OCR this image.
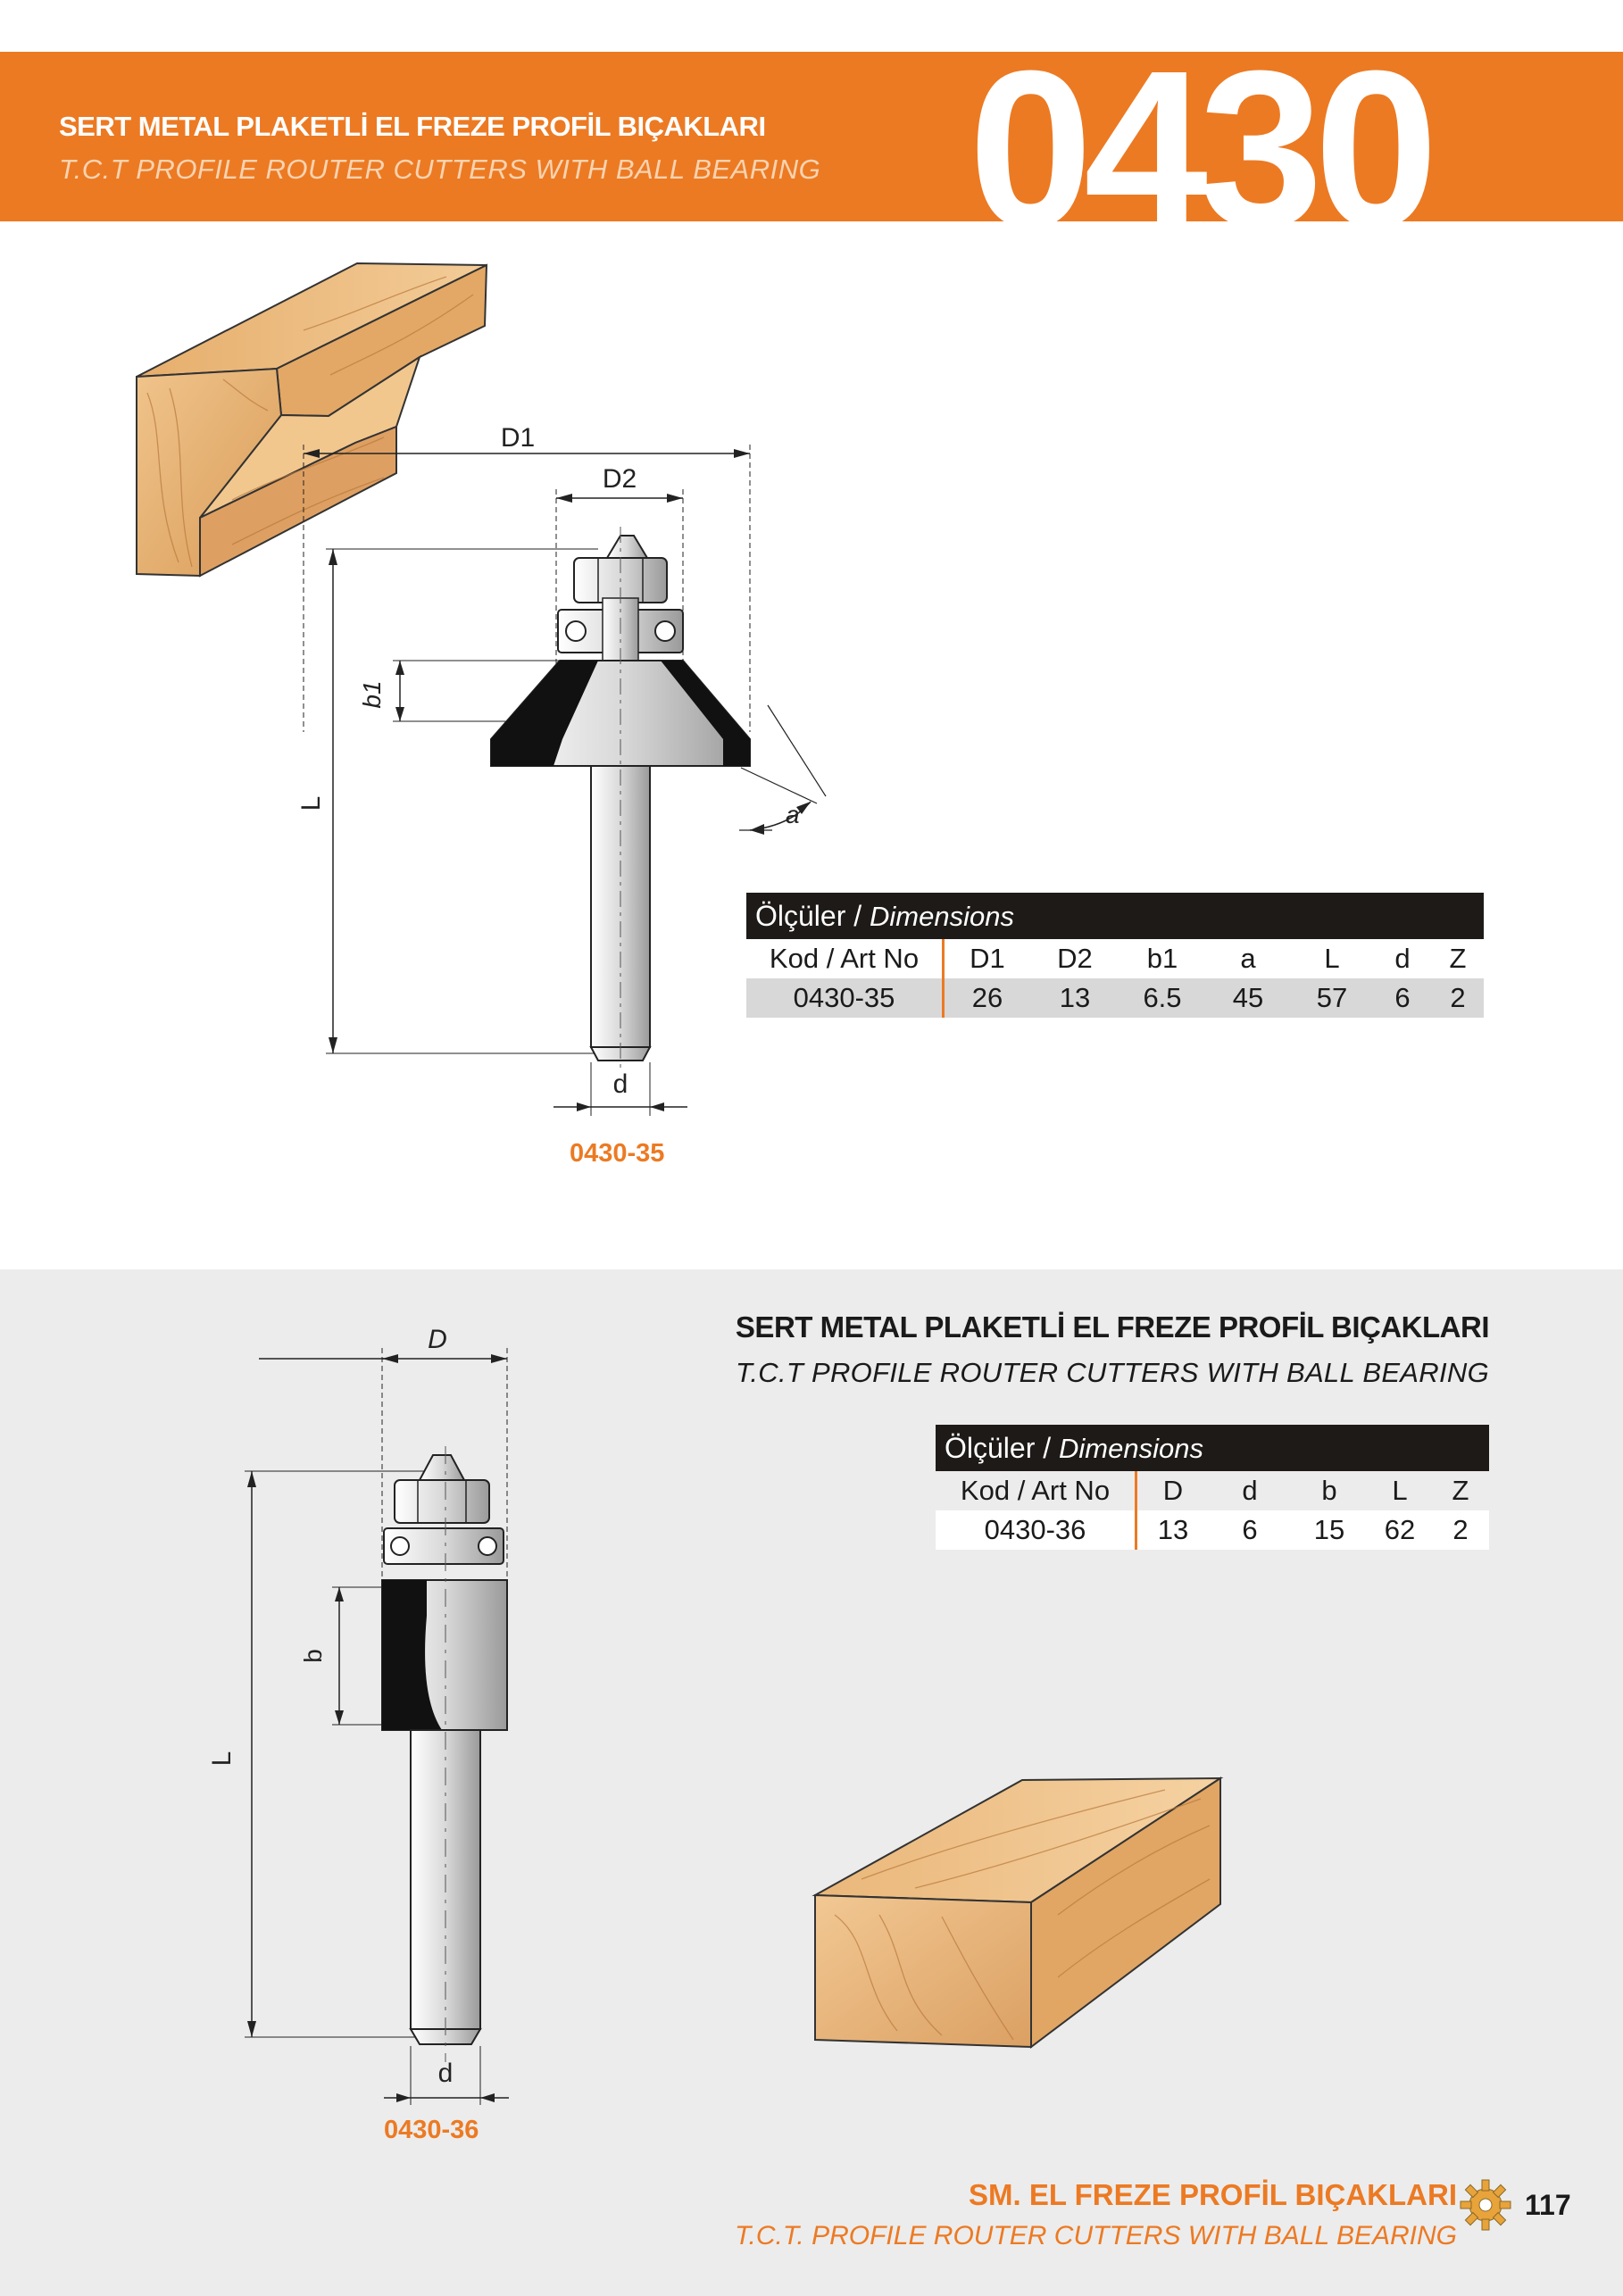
SERT METAL PLAKETLİ EL FREZE PROFİL BIÇAKLARI
T.C.T PROFILE ROUTER CUTTERS WITH BALL BEARING 0430
D1
D2
L
b1
a
d
0430-35
Ölçüler / Dimensions
Kod / Art No	D1	D2	b1	a	L	d	Z
0430-35	26	13	6.5	45	57	6	2
SERT METAL PLAKETLİ EL FREZE PROFİL BIÇAKLARI
T.C.T PROFILE ROUTER CUTTERS WITH BALL BEARING
D
L
b
d
0430-36
Ölçüler / Dimensions
Kod / Art No	D	d	b	L	Z
0430-36	13	6	15	62	2
SM. EL FREZE PROFİL BIÇAKLARI
T.C.T. PROFILE ROUTER CUTTERS WITH BALL BEARING
117
